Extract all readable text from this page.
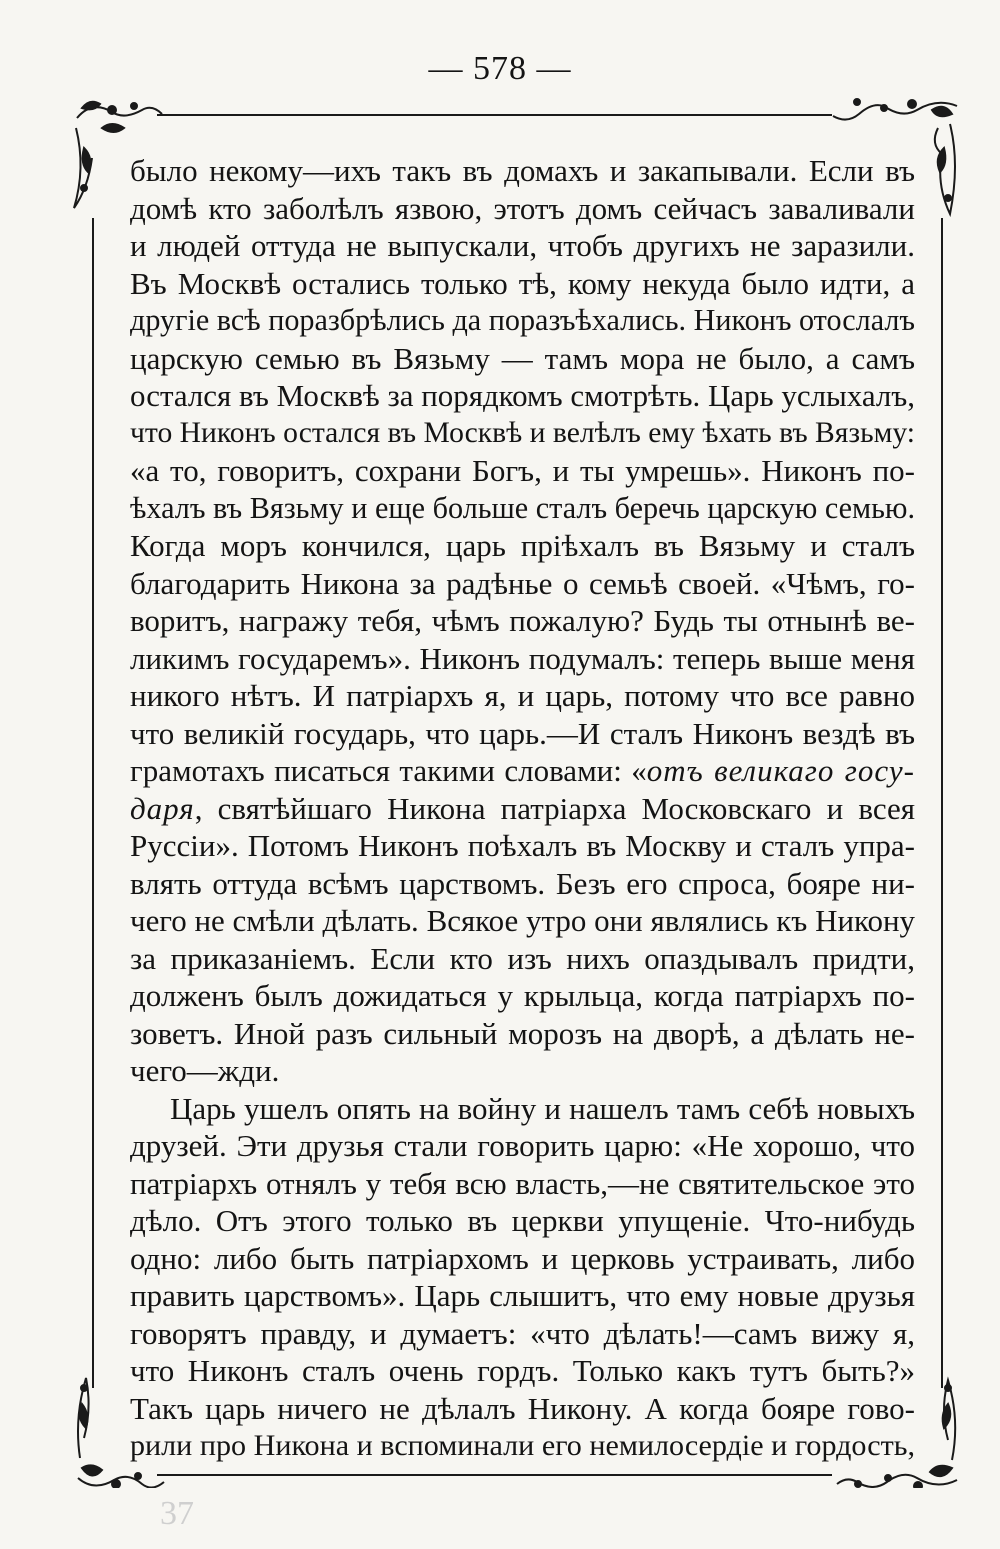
— 578 —
было некому—ихъ такъ въ домахъ и закапывали. Если въ
домѣ кто заболѣлъ язвою, этотъ домъ сейчасъ заваливали
и людей оттуда не выпускали, чтобъ другихъ не заразили.
Въ Москвѣ остались только тѣ, кому некуда было идти, а
другіе всѣ поразбрѣлись да поразъѣхались. Никонъ отослалъ
царскую семью въ Вязьму — тамъ мора не было, а самъ
остался въ Москвѣ за порядкомъ смотрѣть. Царь услыхалъ,
что Никонъ остался въ Москвѣ и велѣлъ ему ѣхать въ Вязьму:
«а то, говоритъ, сохрани Богъ, и ты умрешь». Никонъ по-
ѣхалъ въ Вязьму и еще больше сталъ беречь царскую семью.
Когда моръ кончился, царь пріѣхалъ въ Вязьму и сталъ
благодарить Никона за радѣнье о семьѣ своей. «Чѣмъ, го-
воритъ, награжу тебя, чѣмъ пожалую? Будь ты отнынѣ ве-
ликимъ государемъ». Никонъ подумалъ: теперь выше меня
никого нѣтъ. И патріархъ я, и царь, потому что все равно
что великій государь, что царь.—И сталъ Никонъ вездѣ въ
грамотахъ писаться такими словами: «отъ великаго госу-
даря, святѣйшаго Никона патріарха Московскаго и всея
Руссіи». Потомъ Никонъ поѣхалъ въ Москву и сталъ упра-
влять оттуда всѣмъ царствомъ. Безъ его спроса, бояре ни-
чего не смѣли дѣлать. Всякое утро они являлись къ Никону
за приказаніемъ. Если кто изъ нихъ опаздывалъ придти,
долженъ былъ дожидаться у крыльца, когда патріархъ по-
зоветъ. Иной разъ сильный морозъ на дворѣ, а дѣлать не-
чего—жди.
Царь ушелъ опять на войну и нашелъ тамъ себѣ новыхъ
друзей. Эти друзья стали говорить царю: «Не хорошо, что
патріархъ отнялъ у тебя всю власть,—не святительское это
дѣло. Отъ этого только въ церкви упущеніе. Что-нибудь
одно: либо быть патріархомъ и церковь устраивать, либо
править царствомъ». Царь слышитъ, что ему новые друзья
говорятъ правду, и думаетъ: «что дѣлать!—самъ вижу я,
что Никонъ сталъ очень гордъ. Только какъ тутъ быть?»
Такъ царь ничего не дѣлалъ Никону. А когда бояре гово-
рили про Никона и вспоминали его немилосердіе и гордость,
37
